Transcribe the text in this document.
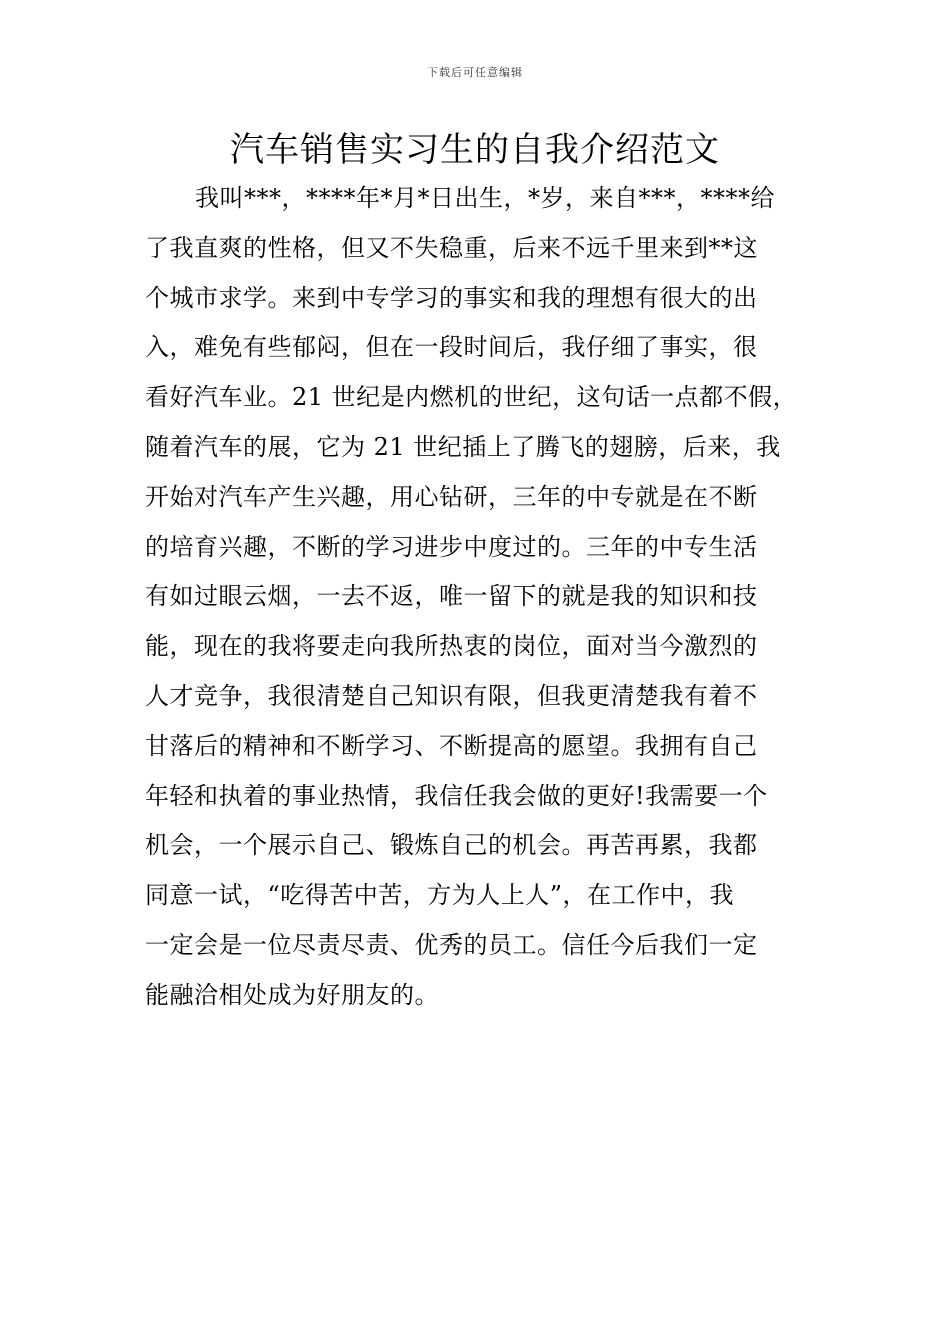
下载后可任意编辑
汽车销售实习生的自我介绍范文
我叫***，****年*月*日出生，*岁，来自***，****给
了我直爽的性格，但又不失稳重，后来不远千里来到**这
个城市求学。来到中专学习的事实和我的理想有很大的出
入，难免有些郁闷，但在一段时间后，我仔细了事实，很
看好汽车业。21 世纪是内燃机的世纪，这句话一点都不假，
随着汽车的展，它为 21 世纪插上了腾飞的翅膀，后来，我
开始对汽车产生兴趣，用心钻研，三年的中专就是在不断
的培育兴趣，不断的学习进步中度过的。三年的中专生活
有如过眼云烟，一去不返，唯一留下的就是我的知识和技
能，现在的我将要走向我所热衷的岗位，面对当今激烈的
人才竞争，我很清楚自己知识有限，但我更清楚我有着不
甘落后的精神和不断学习、不断提高的愿望。我拥有自己
年轻和执着的事业热情，我信任我会做的更好!我需要一个
机会，一个展示自己、锻炼自己的机会。再苦再累，我都
同意一试，“吃得苦中苦，方为人上人”，在工作中，我
一定会是一位尽责尽责、优秀的员工。信任今后我们一定
能融洽相处成为好朋友的。
